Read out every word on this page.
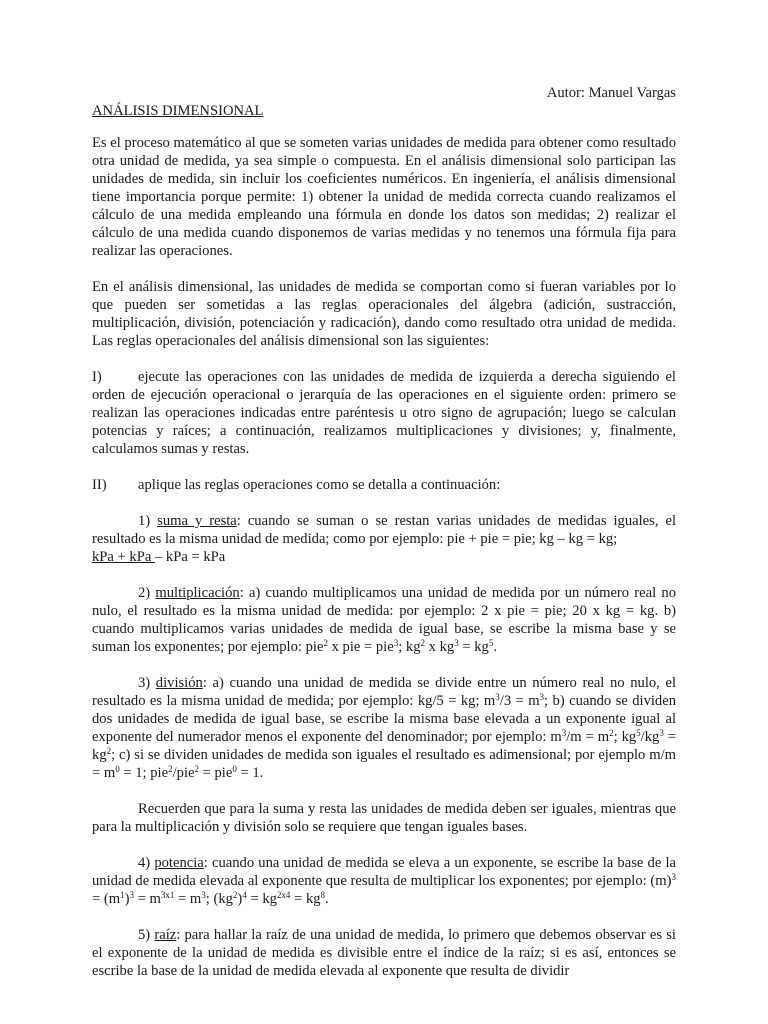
Autor: Manuel Vargas

ANÁLISIS DIMENSIONAL

Es el proceso matemático al que se someten varias unidades de medida para obtener como resultado otra unidad de medida, ya sea simple o compuesta. En el análisis dimensional solo participan las unidades de medida, sin incluir los coeficientes numéricos. En ingeniería, el análisis dimensional tiene importancia porque permite: 1) obtener la unidad de medida correcta cuando realizamos el cálculo de una medida empleando una fórmula en donde los datos son medidas; 2) realizar el cálculo de una medida cuando disponemos de varias medidas y no tenemos una fórmula fija para realizar las operaciones.

En el análisis dimensional, las unidades de medida se comportan como si fueran variables por lo que pueden ser sometidas a las reglas operacionales del álgebra (adición, sustracción, multiplicación, división, potenciación y radicación), dando como resultado otra unidad de medida. Las reglas operacionales del análisis dimensional son las siguientes:

I) ejecute las operaciones con las unidades de medida de izquierda a derecha siguiendo el orden de ejecución operacional o jerarquía de las operaciones en el siguiente orden: primero se realizan las operaciones indicadas entre paréntesis u otro signo de agrupación; luego se calculan potencias y raíces; a continuación, realizamos multiplicaciones y divisiones; y, finalmente, calculamos sumas y restas.

II) aplique las reglas operaciones como se detalla a continuación:

1) suma y resta: cuando se suman o se restan varias unidades de medidas iguales, el resultado es la misma unidad de medida; como por ejemplo: pie + pie = pie; kg – kg = kg;
kPa + kPa – kPa = kPa

2) multiplicación: a) cuando multiplicamos una unidad de medida por un número real no nulo, el resultado es la misma unidad de medida: por ejemplo: 2 x pie = pie; 20 x kg = kg. b) cuando multiplicamos varias unidades de medida de igual base, se escribe la misma base y se suman los exponentes; por ejemplo: pie$^2$ x pie = pie$^3$; $kg^2$ x $kg^3 = kg^5$.

3) división: a) cuando una unidad de medida se divide entre un número real no nulo, el resultado es la misma unidad de medida; por ejemplo: kg/5 = kg; $m^3/3 = m^3$; b) cuando se dividen dos unidades de medida de igual base, se escribe la misma base elevada a un exponente igual al exponente del numerador menos el exponente del denominador; por ejemplo: $m^3/m = m^2$; $kg^5/kg^3 = kg^2$; c) si se dividen unidades de medida son iguales el resultado es adimensional; por ejemplo $m/m = m^0 = 1$; pie$^2$/pie$^2$ = pie$^0$ = 1.

Recuerden que para la suma y resta las unidades de medida deben ser iguales, mientras que para la multiplicación y división solo se requiere que tengan iguales bases.

4) potencia: cuando una unidad de medida se eleva a un exponente, se escribe la base de la unidad de medida elevada al exponente que resulta de multiplicar los exponentes; por ejemplo: $(m)^3 = (m^1)^3 = m^{3x1} = m^3$; $(kg^2)^4 = kg^{2x4} = kg^8$.

5) raíz: para hallar la raíz de una unidad de medida, lo primero que debemos observar es si el exponente de la unidad de medida es divisible entre el índice de la raíz; si es así, entonces se escribe la base de la unidad de medida elevada al exponente que resulta de dividir
